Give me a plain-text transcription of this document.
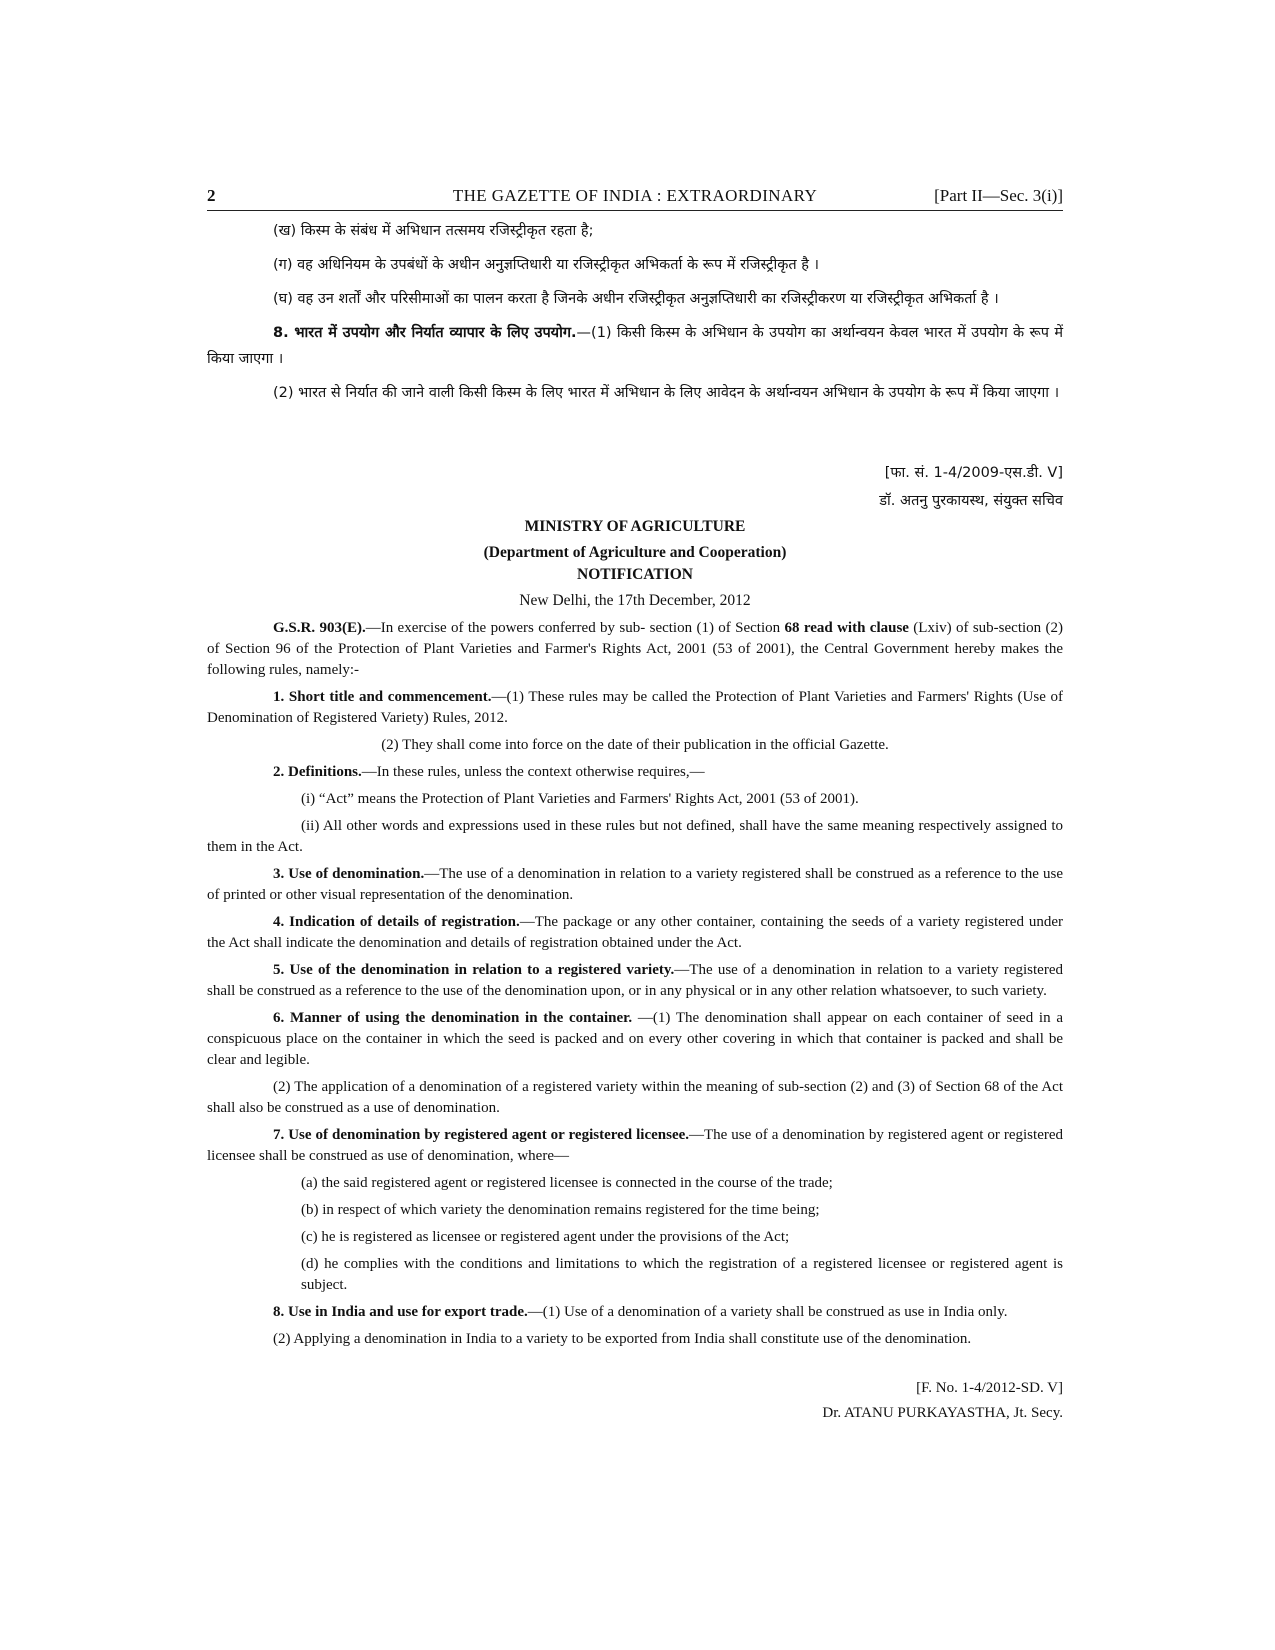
2	THE GAZETTE OF INDIA : EXTRAORDINARY	[Part II—Sec. 3(i)]

(ख) किस्म के संबंध में अभिधान तत्समय रजिस्ट्रीकृत रहता है;

(ग) वह अधिनियम के उपबंधों के अधीन अनुज्ञप्तिधारी या रजिस्ट्रीकृत अभिकर्ता के रूप में रजिस्ट्रीकृत है ।

(घ) वह उन शर्तों और परिसीमाओं का पालन करता है जिनके अधीन रजिस्ट्रीकृत अनुज्ञप्तिधारी का रजिस्ट्रीकरण या रजिस्ट्रीकृत अभिकर्ता है ।

8. भारत में उपयोग और निर्यात व्यापार के लिए उपयोग.—(1) किसी किस्म के अभिधान के उपयोग का अर्थान्वयन केवल भारत में उपयोग के रूप में किया जाएगा ।

(2) भारत से निर्यात की जाने वाली किसी किस्म के लिए भारत में अभिधान के लिए आवेदन के अर्थान्वयन अभिधान के उपयोग के रूप में किया जाएगा ।

[फा. सं. 1-4/2009-एस.डी. V]
डॉ. अतनु पुरकायस्थ, संयुक्त सचिव
MINISTRY OF AGRICULTURE
(Department of Agriculture and Cooperation)
NOTIFICATION
New Delhi, the 17th December, 2012

G.S.R. 903(E).—In exercise of the powers conferred by sub- section (1) of Section 68 read with clause (Lxiv) of sub-section (2) of Section 96 of the Protection of Plant Varieties and Farmer's Rights Act, 2001 (53 of 2001), the Central Government hereby makes the following rules, namely:-

1. Short title and commencement.—(1) These rules may be called the Protection of Plant Varieties and Farmers' Rights (Use of Denomination of Registered Variety) Rules, 2012.

(2) They shall come into force on the date of their publication in the official Gazette.

2. Definitions.—In these rules, unless the context otherwise requires,—

(i) “Act” means the Protection of Plant Varieties and Farmers' Rights Act, 2001 (53 of 2001).

(ii) All other words and expressions used in these rules but not defined, shall have the same meaning respectively assigned to them in the Act.

3. Use of denomination.—The use of a denomination in relation to a variety registered shall be construed as a reference to the use of printed or other visual representation of the denomination.

4. Indication of details of registration.—The package or any other container, containing the seeds of a variety registered under the Act shall indicate the denomination and details of registration obtained under the Act.

5. Use of the denomination in relation to a registered variety.—The use of a denomination in relation to a variety registered shall be construed as a reference to the use of the denomination upon, or in any physical or in any other relation whatsoever, to such variety.

6. Manner of using the denomination in the container. —(1) The denomination shall appear on each container of seed in a conspicuous place on the container in which the seed is packed and on every other covering in which that container is packed and shall be clear and legible.

(2) The application of a denomination of a registered variety within the meaning of sub-section (2) and (3) of Section 68 of the Act shall also be construed as a use of denomination.

7. Use of denomination by registered agent or registered licensee.—The use of a denomination by registered agent or registered licensee shall be construed as use of denomination, where—

(a) the said registered agent or registered licensee is connected in the course of the trade;

(b) in respect of which variety the denomination remains registered for the time being;

(c) he is registered as licensee or registered agent under the provisions of the Act;

(d) he complies with the conditions and limitations to which the registration of a registered licensee or registered agent is subject.

8. Use in India and use for export trade.—(1) Use of a denomination of a variety shall be construed as use in India only.

(2) Applying a denomination in India to a variety to be exported from India shall constitute use of the denomination.

[F. No. 1-4/2012-SD. V]
Dr. ATANU PURKAYASTHA, Jt. Secy.
